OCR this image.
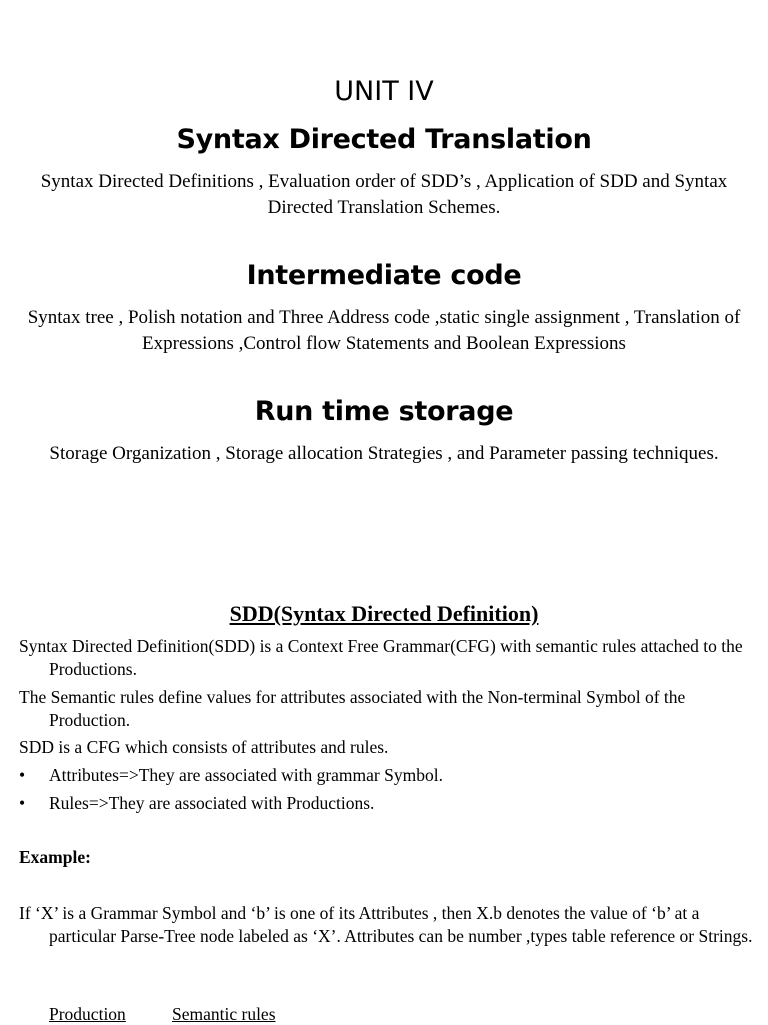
UNIT IV
Syntax Directed Translation
Syntax Directed Definitions , Evaluation order of SDD’s , Application of SDD and Syntax Directed Translation Schemes.
Intermediate code
Syntax tree , Polish notation and Three Address code ,static single assignment , Translation of Expressions ,Control flow Statements and Boolean Expressions
Run time storage
Storage Organization , Storage allocation Strategies , and Parameter passing techniques.
SDD(Syntax Directed Definition)
Syntax Directed Definition(SDD) is a Context Free Grammar(CFG) with semantic rules attached to the Productions.
The Semantic rules define values for attributes associated with the Non-terminal Symbol of the Production.
SDD is a CFG which consists of attributes and rules.
• Attributes=>They are associated with grammar Symbol.
• Rules=>They are associated with Productions.
Example:
If ‘X’ is a Grammar Symbol and ‘b’ is one of its Attributes , then X.b denotes the value of ‘b’ at a particular Parse-Tree node labeled as ‘X’. Attributes can be number ,types table reference or Strings.
Production	Semantic rules
